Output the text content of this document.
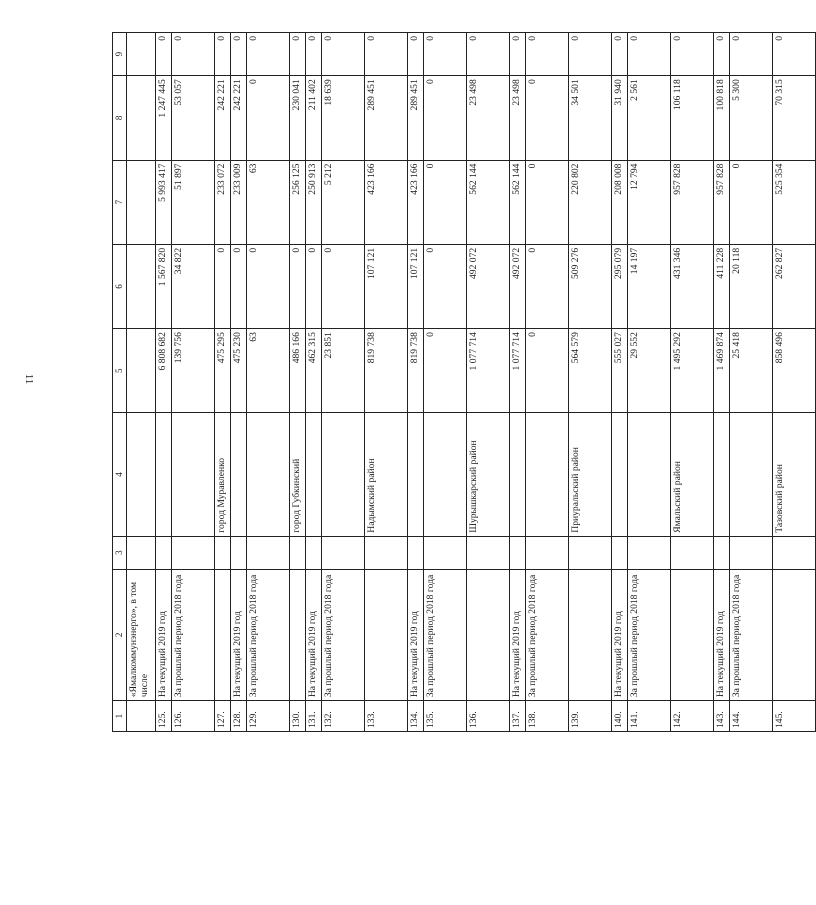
11
1	2	3	4	5	6	7	8	9
	«Ямалкоммунэнерго», в том числе							
125.	На текущий 2019 год			6 808 682	1 567 820	5 993 417	1 247 445	0
126.	За прошлый период 2018 года			139 756	34 822	51 897	53 057	0
127.			город Муравленко	475 295	0	233 072	242 221	0
128.	На текущий 2019 год			475 230	0	233 009	242 221	0
129.	За прошлый период 2018 года			63	0	63	0	0
130.			город Губкинский	486 166	0	256 125	230 041	0
131.	На текущий 2019 год			462 315	0	250 913	211 402	0
132.	За прошлый период 2018 года			23 851	0	5 212	18 639	0
133.			Надымский район	819 738	107 121	423 166	289 451	0
134.	На текущий 2019 год			819 738	107 121	423 166	289 451	0
135.	За прошлый период 2018 года			0	0	0	0	0
136.			Шурышкарский район	1 077 714	492 072	562 144	23 498	0
137.	На текущий 2019 год			1 077 714	492 072	562 144	23 498	0
138.	За прошлый период 2018 года			0	0	0	0	0
139.			Приуральский район	564 579	509 276	220 802	34 501	0
140.	На текущий 2019 год			555 027	295 079	208 008	31 940	0
141.	За прошлый период 2018 года			29 552	14 197	12 794	2 561	0
142.			Ямальский район	1 495 292	431 346	957 828	106 118	0
143.	На текущий 2019 год			1 469 874	411 228	957 828	100 818	0
144.	За прошлый период 2018 года			25 418	20 118	0	5 300	0
145.			Тазовский район	858 496	262 827	525 354	70 315	0
